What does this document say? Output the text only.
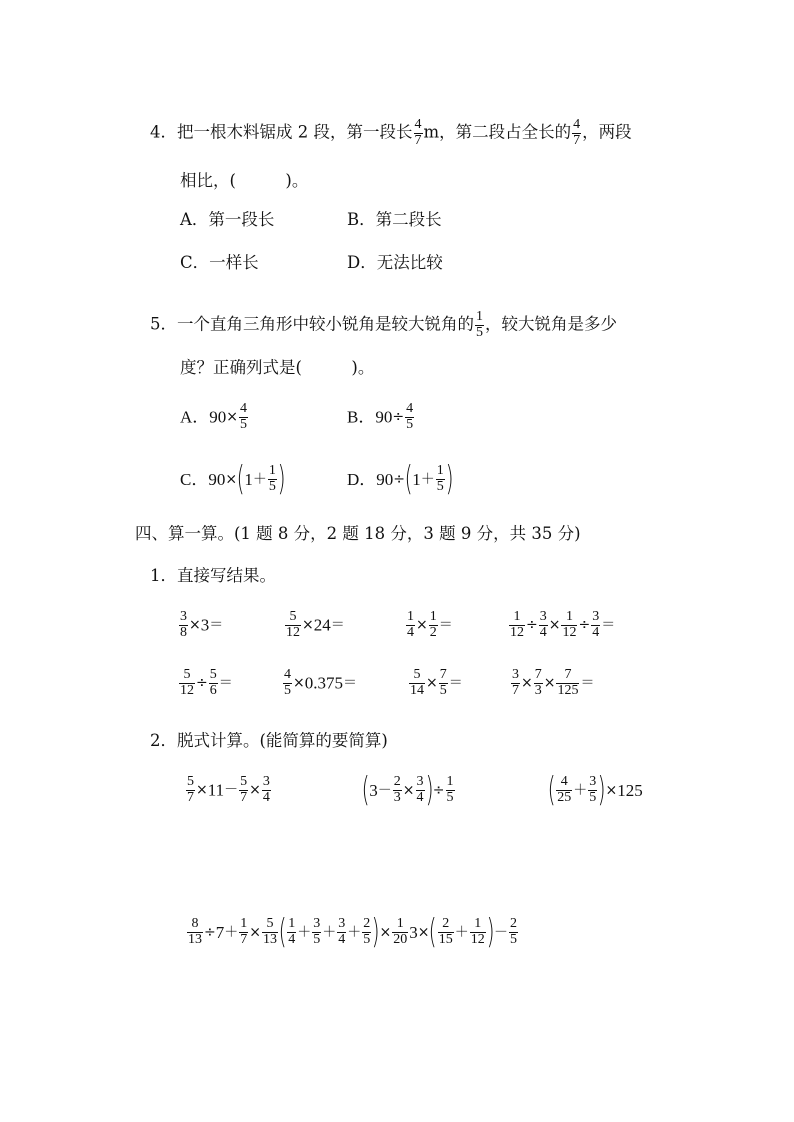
4．把一根木料锯成 2 段，第一段长 $\frac{4}{7}$ m，第二段占全长的 $\frac{4}{7}$ ，两段
相比，(　　　)。
A．第一段长	B．第二段长
C．一样长	D．无法比较
5．一个直角三角形中较小锐角是较大锐角的 $\frac{1}{5}$ ，较大锐角是多少
度？正确列式是(　　　)。
A．$90\times \frac{4}{5}$	B．$90\div \frac{4}{5}$
C．$90\times(1+ \frac{1}{5}$ )	D．$90\div(1+ \frac{1}{5}$ )
四、算一算。(1 题 8 分，2 题 18 分，3 题 9 分，共 35 分)
1．直接写结果。
$\frac{3}{8} \times 3=$	$\frac{5}{12} \times 24=$	$\frac{1}{4} \times \frac{1}{2}$ ＝	$\frac{1}{12} \div \frac{3}{4} \times \frac{1}{12} \div \frac{3}{4}$ ＝
$\frac{5}{12} \div \frac{5}{6}$ ＝	$\frac{4}{5} \times 0.375=$	$\frac{5}{14} \times \frac{7}{5}$ ＝	$\frac{3}{7} \times \frac{7}{3} \times \frac{7}{125}$ ＝
2．脱式计算。(能简算的要简算)
$\frac{5}{7} \times 11- \frac{5}{7} \times \frac{3}{4}$	($3- \frac{2}{3} \times \frac{3}{4}$ )÷ $\frac{1}{5}$	( $\frac{4}{25} + \frac{3}{5} )\times 125$
$\frac{8}{13} \div 7+ \frac{1}{7} \times \frac{5}{13}$ ( $\frac{1}{4} + \frac{3}{5} + \frac{3}{4} + \frac{2}{5}$ )× $\frac{1}{20} 3\times( \frac{2}{15} + \frac{1}{12}$ )－ $\frac{2}{5}$
